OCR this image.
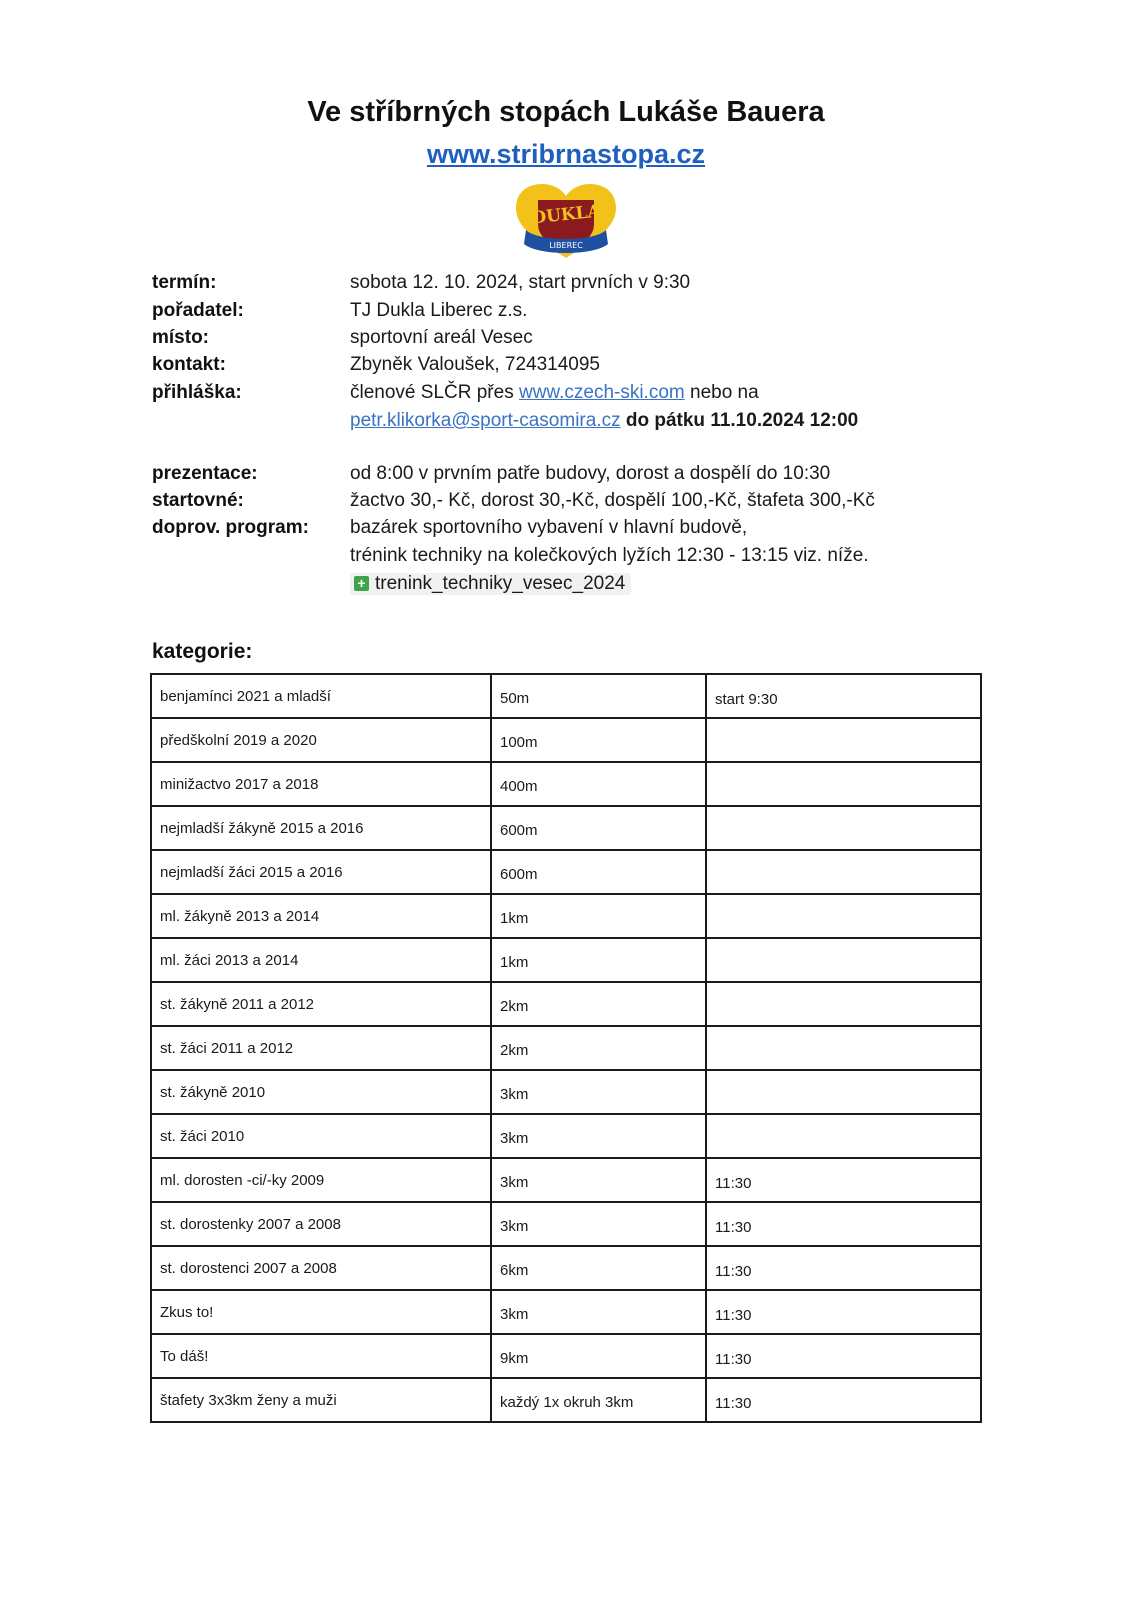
Ve stříbrných stopách Lukáše Bauera
www.stribrnastopa.cz
DUKLA
LIBEREC
termín:	sobota 12. 10. 2024, start prvních v 9:30
pořadatel:	TJ Dukla Liberec z.s.
místo:	sportovní areál Vesec
kontakt:	Zbyněk Valoušek, 724314095
přihláška:	členové SLČR přes www.czech-ski.com nebo na
petr.klikorka@sport-casomira.cz do pátku 11.10.2024 12:00
prezentace:	od 8:00 v prvním patře budovy, dorost a dospělí do 10:30
startovné:	žactvo 30,- Kč, dorost 30,-Kč, dospělí 100,-Kč, štafeta 300,-Kč
doprov. program: bazárek sportovního vybavení v hlavní budově,
trénink techniky na kolečkových lyžích 12:30 - 13:15 viz. níže.
+ trenink_techniky_vesec_2024
kategorie:
benjamínci 2021 a mladší	50m	start 9:30
předškolní 2019 a 2020	100m	
minižactvo 2017 a 2018	400m	
nejmladší žákyně 2015 a 2016	600m	
nejmladší žáci 2015 a 2016	600m	
ml. žákyně 2013 a 2014	1km	
ml. žáci 2013 a 2014	1km	
st. žákyně 2011 a 2012	2km	
st. žáci 2011 a 2012	2km	
st. žákyně 2010	3km	
st. žáci 2010	3km	
ml. dorosten -ci/-ky 2009	3km	11:30
st. dorostenky 2007 a 2008	3km	11:30
st. dorostenci 2007 a 2008	6km	11:30
Zkus to!	3km	11:30
To dáš!	9km	11:30
štafety 3x3km ženy a muži	každý 1x okruh 3km	11:30
